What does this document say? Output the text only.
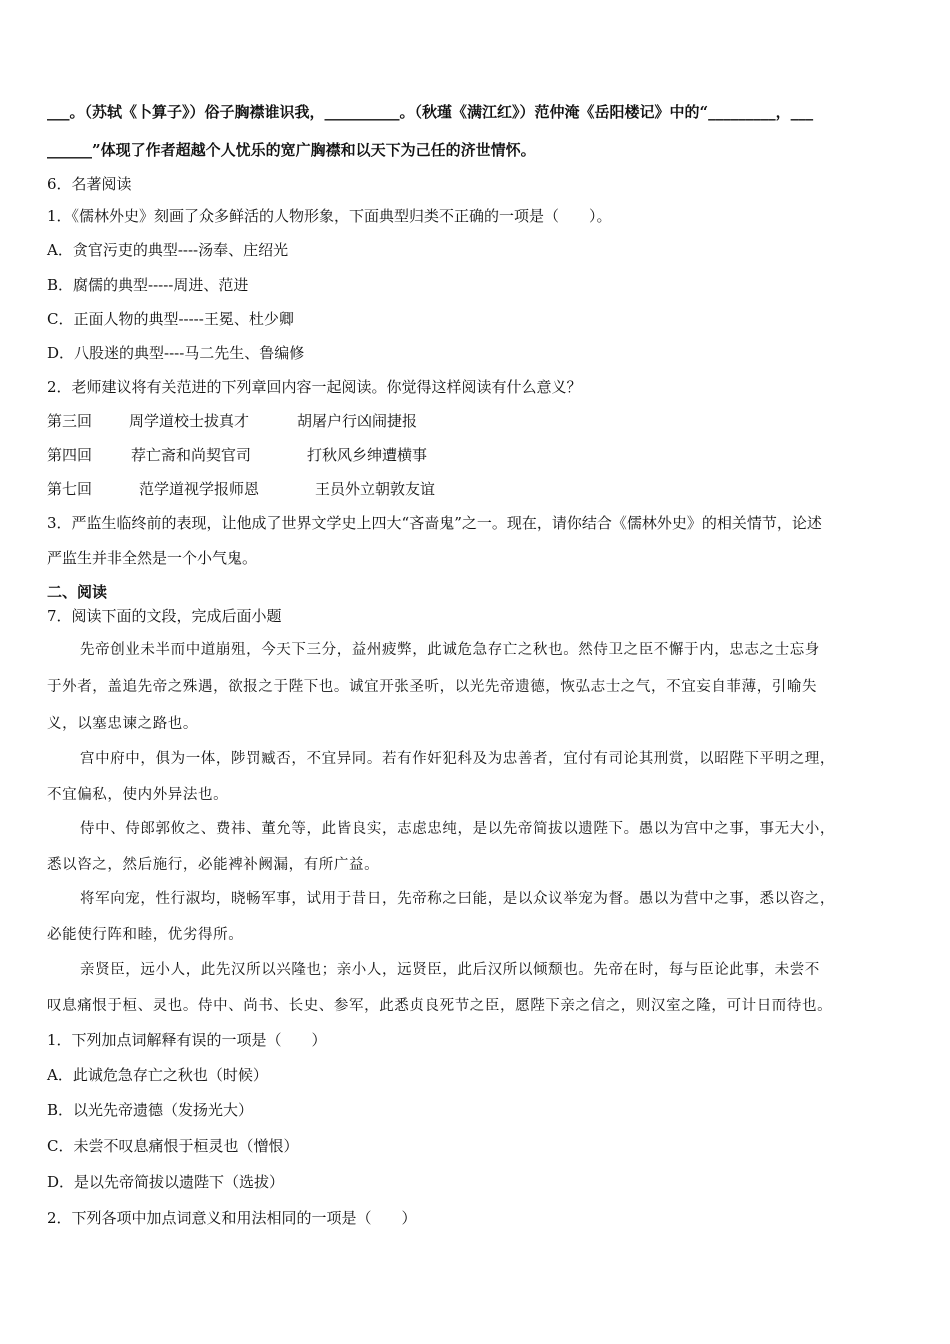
___。（苏轼《卜算子》）俗子胸襟谁识我，__________。（秋瑾《满江红》）范仲淹《岳阳楼记》中的“_________，___
______”体现了作者超越个人忧乐的宽广胸襟和以天下为己任的济世情怀。
6．名著阅读
1．《儒林外史》刻画了众多鲜活的人物形象，下面典型归类不正确的一项是（　　）。
A．贪官污吏的典型----汤奉、庄绍光
B．腐儒的典型-----周进、范进
C．正面人物的典型-----王冕、杜少卿
D．八股迷的典型----马二先生、鲁编修
2．老师建议将有关范进的下列章回内容一起阅读。你觉得这样阅读有什么意义？
第三回 周学道校士拔真才	胡屠户行凶闹捷报
第四回	荐亡斋和尚契官司	打秋风乡绅遭横事
第七回	范学道视学报师恩	王员外立朝敦友谊
3．严监生临终前的表现，让他成了世界文学史上四大“吝啬鬼”之一。现在，请你结合《儒林外史》的相关情节，论述
严监生并非全然是一个小气鬼。
二、阅读
7．阅读下面的文段，完成后面小题
先帝创业未半而中道崩殂，今天下三分，益州疲弊，此诚危急存亡之秋也。然侍卫之臣不懈于内，忠志之士忘身
于外者，盖追先帝之殊遇，欲报之于陛下也。诚宜开张圣听，以光先帝遗德，恢弘志士之气，不宜妄自菲薄，引喻失
义，以塞忠谏之路也。
宫中府中，俱为一体，陟罚臧否，不宜异同。若有作奸犯科及为忠善者，宜付有司论其刑赏，以昭陛下平明之理，
不宜偏私，使内外异法也。
侍中、侍郎郭攸之、费祎、董允等，此皆良实，志虑忠纯，是以先帝简拔以遗陛下。愚以为宫中之事，事无大小，
悉以咨之，然后施行，必能裨补阙漏，有所广益。
将军向宠，性行淑均，晓畅军事，试用于昔日，先帝称之曰能，是以众议举宠为督。愚以为营中之事，悉以咨之，
必能使行阵和睦，优劣得所。
亲贤臣，远小人，此先汉所以兴隆也；亲小人，远贤臣，此后汉所以倾颓也。先帝在时，每与臣论此事，未尝不
叹息痛恨于桓、灵也。侍中、尚书、长史、参军，此悉贞良死节之臣，愿陛下亲之信之，则汉室之隆，可计日而待也。
1．下列加点词解释有误的一项是（　　）
A．此诚危急存亡之秋也（时候）
B．以光先帝遗德（发扬光大）
C．未尝不叹息痛恨于桓灵也（憎恨）
D．是以先帝简拔以遗陛下（选拔）
2．下列各项中加点词意义和用法相同的一项是（　　）
